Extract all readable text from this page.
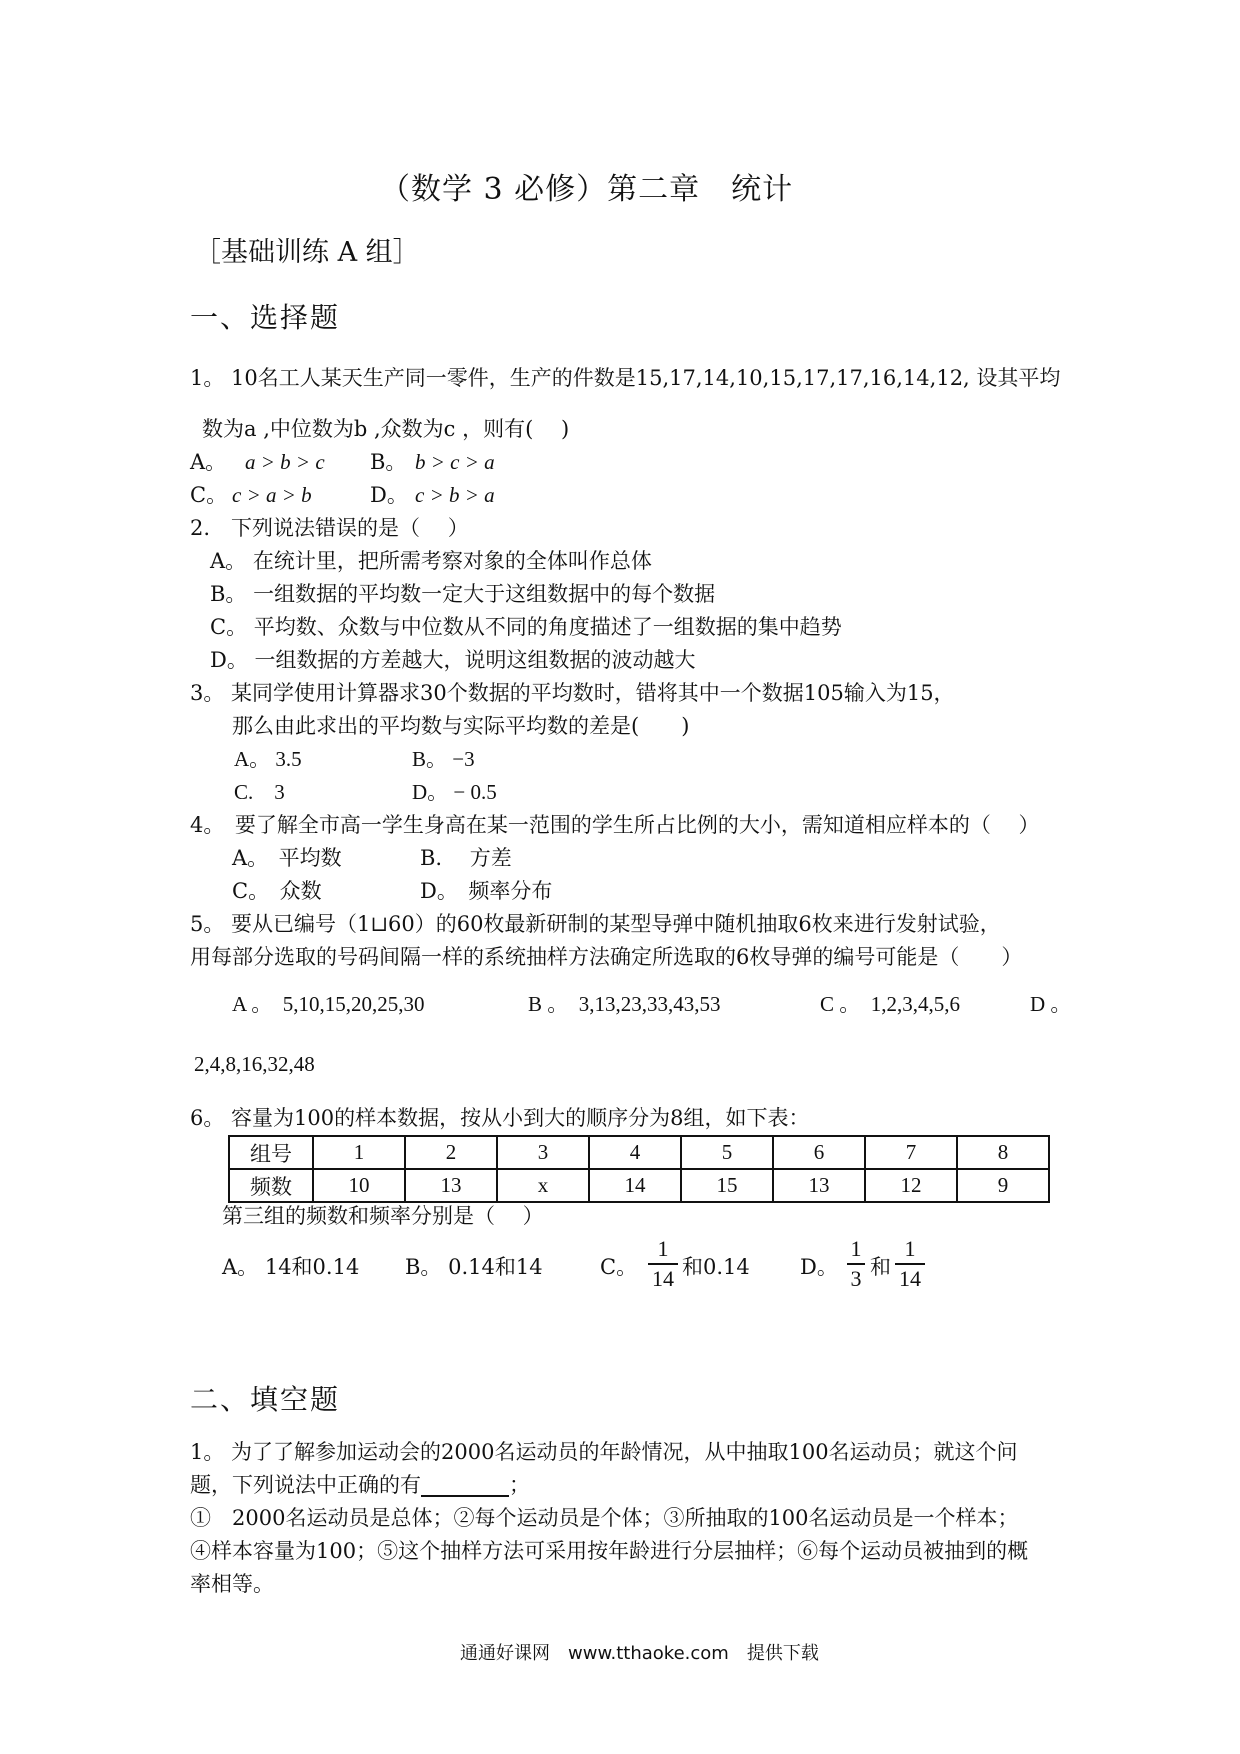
（数学 3 必修）第二章　统计
［基础训练 A 组］
一、选择题
1。 10名工人某天生产同一零件，生产的件数是15,17,14,10,15,17,17,16,14,12, 设其平均
数为a ,中位数为b ,众数为c ，则有(　 )
A。 a > b > c B。 b > c > a
C。 c > a > b	D。 c > b > a
2.　下列说法错误的是（　 ）
A。 在统计里，把所需考察对象的全体叫作总体
B。 一组数据的平均数一定大于这组数据中的每个数据
C。 平均数、众数与中位数从不同的角度描述了一组数据的集中趋势
D。 一组数据的方差越大，说明这组数据的波动越大
3。 某同学使用计算器求30个数据的平均数时，错将其中一个数据105输入为15，
那么由此求出的平均数与实际平均数的差是(　　)
A。 3.5	B。 −3
C.　3	D。 − 0.5
4。　要了解全市高一学生身高在某一范围的学生所占比例的大小，需知道相应样本的（　 ）
A。　平均数	B.　 方差
C。　众数	D。　频率分布
5。 要从已编号（1⊔60）的60枚最新研制的某型导弹中随机抽取6枚来进行发射试验，
用每部分选取的号码间隔一样的系统抽样方法确定所选取的6枚导弹的编号可能是（　　）
A 。　5,10,15,20,25,30	B 。　3,13,23,33,43,53	C 。　1,2,3,4,5,6	D 。
2,4,8,16,32,48
6。 容量为100的样本数据，按从小到大的顺序分为8组，如下表：
组号	1	2	3	4	5	6	7	8
频数	10	13	x	14	15	13	12	9
第三组的频数和频率分别是（　 ）
A。 14和0.14 B。 0.14和14	C。
1
14 和0.14 D。
1
3 和
1
14
二、填空题
1。 为了了解参加运动会的2000名运动员的年龄情况，从中抽取100名运动员；就这个问
题，下列说法中正确的有	；
①　2000名运动员是总体；②每个运动员是个体；③所抽取的100名运动员是一个样本；
④样本容量为100；⑤这个抽样方法可采用按年龄进行分层抽样；⑥每个运动员被抽到的概
率相等。
通通好课网　www.tthaoke.com　提供下载
